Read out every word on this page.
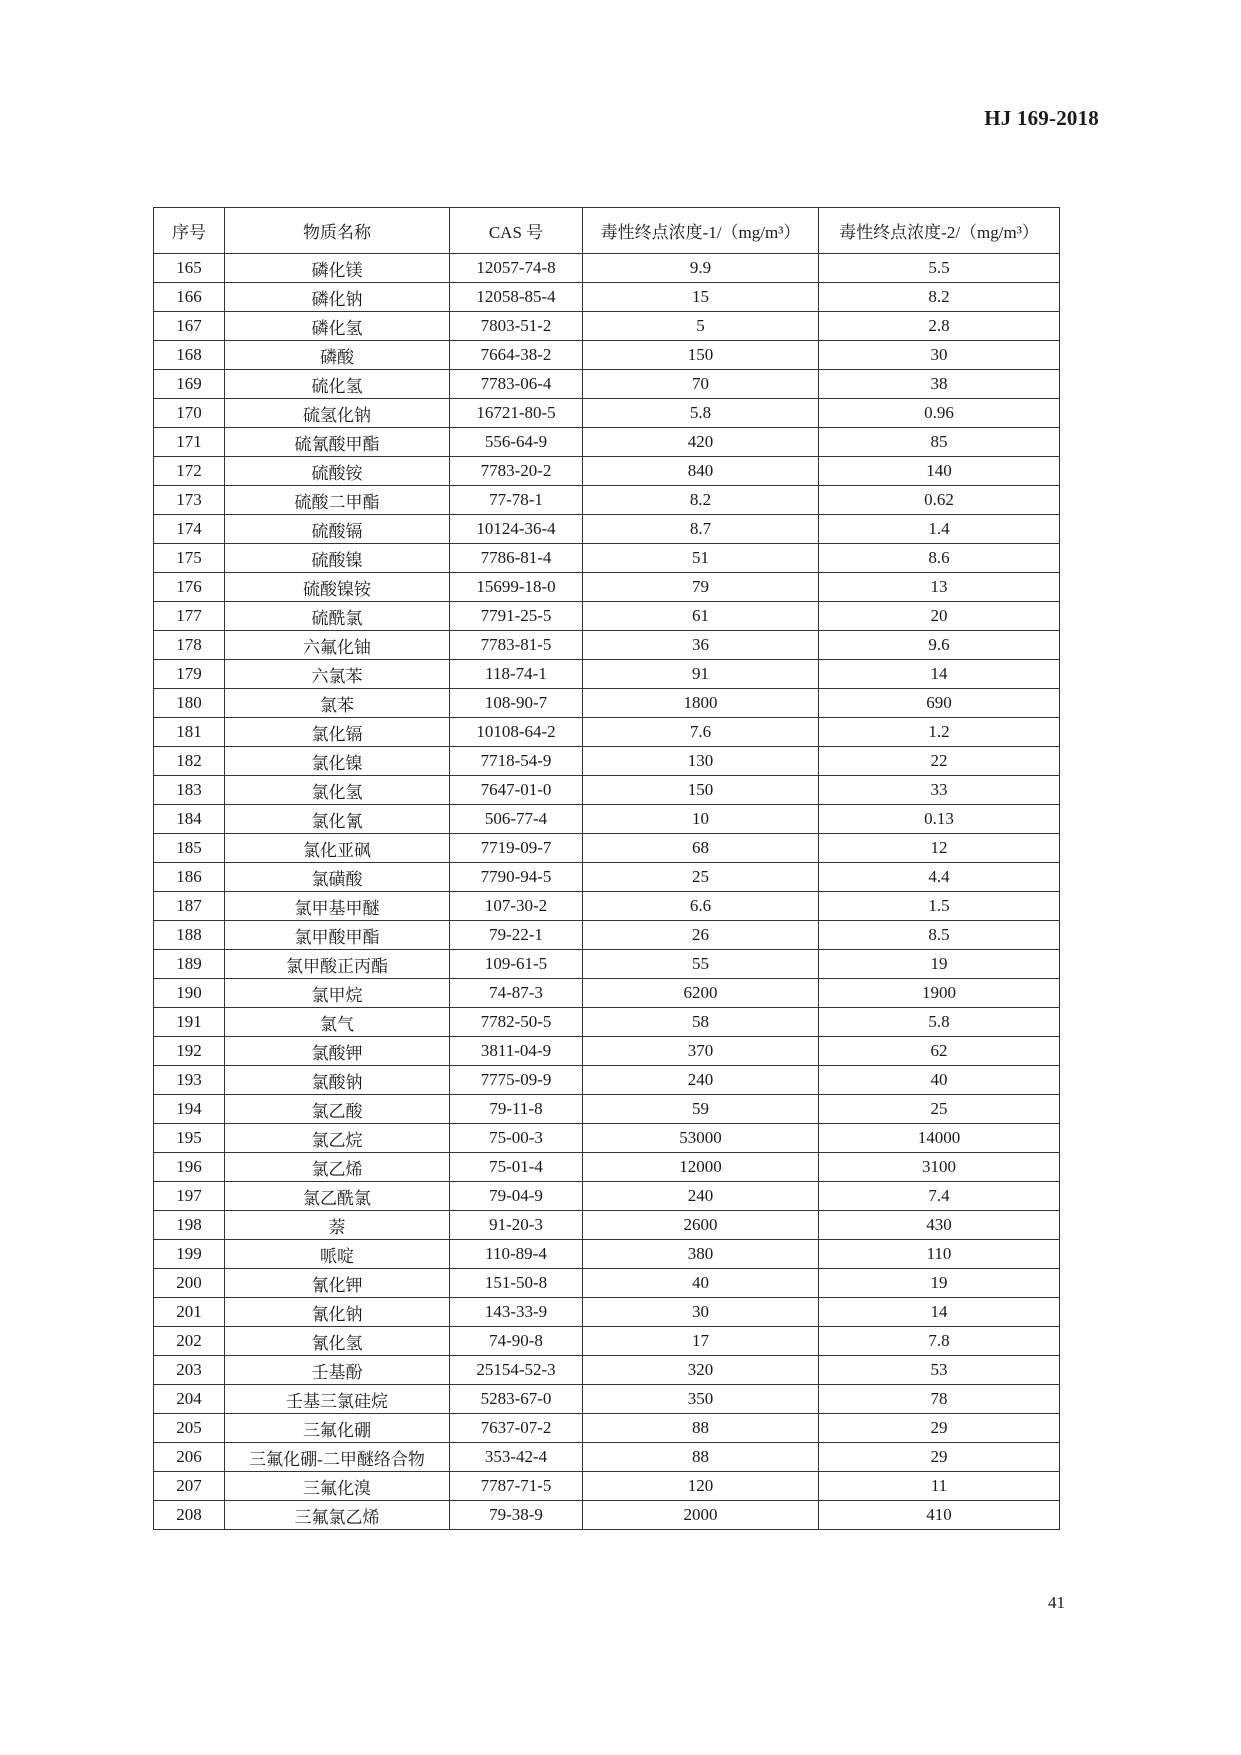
HJ 169-2018
序号	物质名称	CAS 号	毒性终点浓度-1/（mg/m³）	毒性终点浓度-2/（mg/m³）
165	磷化镁	12057-74-8	9.9	5.5
166	磷化钠	12058-85-4	15	8.2
167	磷化氢	7803-51-2	5	2.8
168	磷酸	7664-38-2	150	30
169	硫化氢	7783-06-4	70	38
170	硫氢化钠	16721-80-5	5.8	0.96
171	硫氰酸甲酯	556-64-9	420	85
172	硫酸铵	7783-20-2	840	140
173	硫酸二甲酯	77-78-1	8.2	0.62
174	硫酸镉	10124-36-4	8.7	1.4
175	硫酸镍	7786-81-4	51	8.6
176	硫酸镍铵	15699-18-0	79	13
177	硫酰氯	7791-25-5	61	20
178	六氟化铀	7783-81-5	36	9.6
179	六氯苯	118-74-1	91	14
180	氯苯	108-90-7	1800	690
181	氯化镉	10108-64-2	7.6	1.2
182	氯化镍	7718-54-9	130	22
183	氯化氢	7647-01-0	150	33
184	氯化氰	506-77-4	10	0.13
185	氯化亚砜	7719-09-7	68	12
186	氯磺酸	7790-94-5	25	4.4
187	氯甲基甲醚	107-30-2	6.6	1.5
188	氯甲酸甲酯	79-22-1	26	8.5
189	氯甲酸正丙酯	109-61-5	55	19
190	氯甲烷	74-87-3	6200	1900
191	氯气	7782-50-5	58	5.8
192	氯酸钾	3811-04-9	370	62
193	氯酸钠	7775-09-9	240	40
194	氯乙酸	79-11-8	59	25
195	氯乙烷	75-00-3	53000	14000
196	氯乙烯	75-01-4	12000	3100
197	氯乙酰氯	79-04-9	240	7.4
198	萘	91-20-3	2600	430
199	哌啶	110-89-4	380	110
200	氰化钾	151-50-8	40	19
201	氰化钠	143-33-9	30	14
202	氰化氢	74-90-8	17	7.8
203	壬基酚	25154-52-3	320	53
204	壬基三氯硅烷	5283-67-0	350	78
205	三氟化硼	7637-07-2	88	29
206	三氟化硼-二甲醚络合物	353-42-4	88	29
207	三氟化溴	7787-71-5	120	11
208	三氟氯乙烯	79-38-9	2000	410
41
